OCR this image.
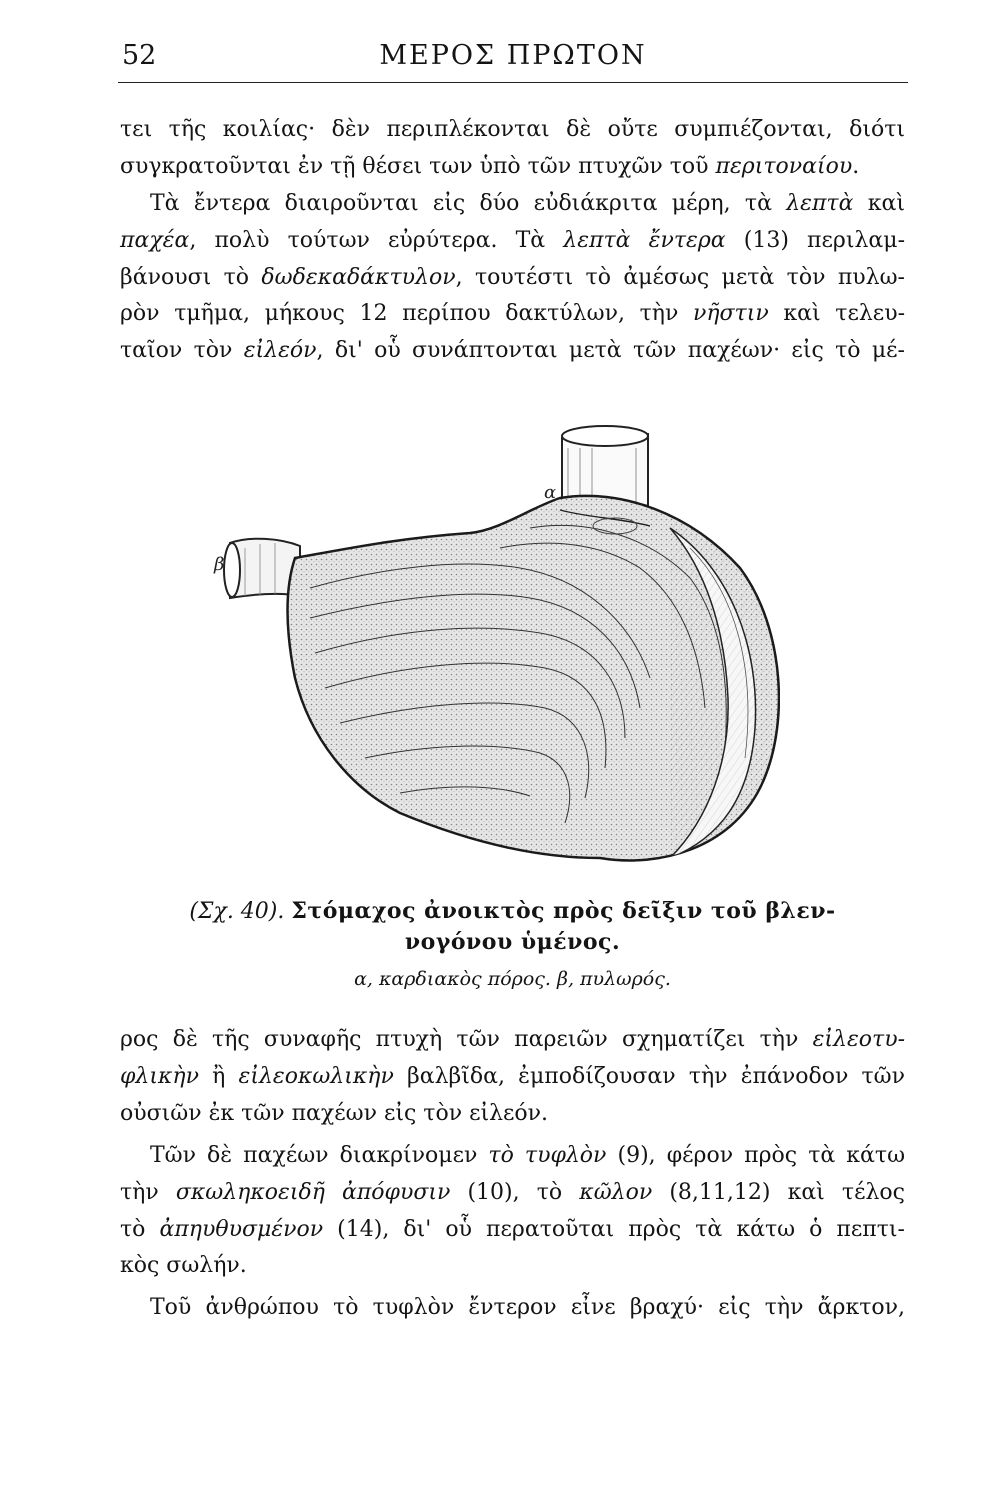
52	ΜΕΡΟΣ ΠΡΩΤΟΝ

τει τῆς κοιλίας· δὲν περιπλέκονται δὲ οὔτε συμπιέζονται, διότι
συγκρατοῦνται ἐν τῇ θέσει των ὑπὸ τῶν πτυχῶν τοῦ περιτοναίου.

Τὰ ἔντερα διαιροῦνται εἰς δύο εὐδιάκριτα μέρη, τὰ λεπτὰ καὶ
παχέα, πολὺ τούτων εὐρύτερα. Τὰ λεπτὰ ἔντερα (13) περιλαμ-
βάνουσι τὸ δωδεκαδάκτυλον, τουτέστι τὸ ἀμέσως μετὰ τὸν πυλω-
ρὸν τμῆμα, μήκους 12 περίπου δακτύλων, τὴν νῆστιν καὶ τελευ-
ταῖον τὸν εἰλεόν, δι' οὗ συνάπτονται μετὰ τῶν παχέων· εἰς τὸ μέ-

α
β
(Σχ. 40). Στόμαχος ἀνοικτὸς πρὸς δεῖξιν τοῦ βλεν-
νογόνου ὑμένος.
α, καρδιακὸς πόρος. β, πυλωρός.

ρος δὲ τῆς συναφῆς πτυχὴ τῶν παρειῶν σχηματίζει τὴν εἰλεοτυ-
φλικὴν ἢ εἰλεοκωλικὴν βαλβῖδα, ἐμποδίζουσαν τὴν ἐπάνοδον τῶν
οὐσιῶν ἐκ τῶν παχέων εἰς τὸν εἰλεόν.

Τῶν δὲ παχέων διακρίνομεν τὸ τυφλὸν (9), φέρον πρὸς τὰ κάτω
τὴν σκωληκοειδῆ ἀπόφυσιν (10), τὸ κῶλον (8,11,12) καὶ τέλος
τὸ ἀπηυθυσμένον (14), δι' οὗ περατοῦται πρὸς τὰ κάτω ὁ πεπτι-
κὸς σωλήν.

Τοῦ ἀνθρώπου τὸ τυφλὸν ἔντερον εἶνε βραχύ· εἰς τὴν ἄρκτον,
